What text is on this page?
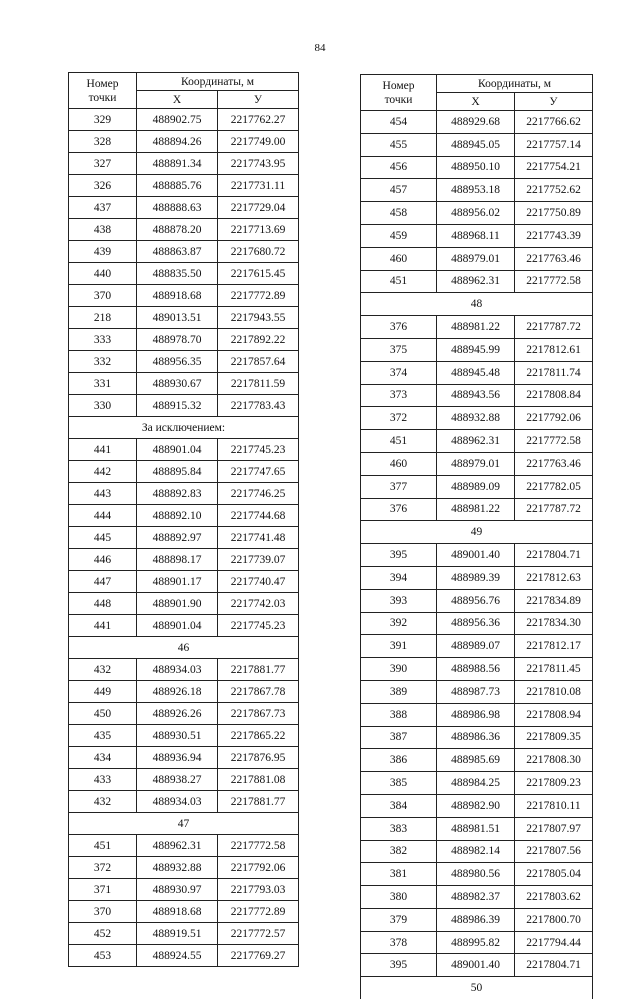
84
Номер
точки	Координаты, м	
	X	У
329	488902.75	2217762.27
328	488894.26	2217749.00
327	488891.34	2217743.95
326	488885.76	2217731.11
437	488888.63	2217729.04
438	488878.20	2217713.69
439	488863.87	2217680.72
440	488835.50	2217615.45
370	488918.68	2217772.89
218	489013.51	2217943.55
333	488978.70	2217892.22
332	488956.35	2217857.64
331	488930.67	2217811.59
330	488915.32	2217783.43
За исключением:		
441	488901.04	2217745.23
442	488895.84	2217747.65
443	488892.83	2217746.25
444	488892.10	2217744.68
445	488892.97	2217741.48
446	488898.17	2217739.07
447	488901.17	2217740.47
448	488901.90	2217742.03
441	488901.04	2217745.23
46		
432	488934.03	2217881.77
449	488926.18	2217867.78
450	488926.26	2217867.73
435	488930.51	2217865.22
434	488936.94	2217876.95
433	488938.27	2217881.08
432	488934.03	2217881.77
47		
451	488962.31	2217772.58
372	488932.88	2217792.06
371	488930.97	2217793.03
370	488918.68	2217772.89
452	488919.51	2217772.57
453	488924.55	2217769.27
Номер
точки	Координаты, м	
	X	У
454	488929.68	2217766.62
455	488945.05	2217757.14
456	488950.10	2217754.21
457	488953.18	2217752.62
458	488956.02	2217750.89
459	488968.11	2217743.39
460	488979.01	2217763.46
451	488962.31	2217772.58
48		
376	488981.22	2217787.72
375	488945.99	2217812.61
374	488945.48	2217811.74
373	488943.56	2217808.84
372	488932.88	2217792.06
451	488962.31	2217772.58
460	488979.01	2217763.46
377	488989.09	2217782.05
376	488981.22	2217787.72
49		
395	489001.40	2217804.71
394	488989.39	2217812.63
393	488956.76	2217834.89
392	488956.36	2217834.30
391	488989.07	2217812.17
390	488988.56	2217811.45
389	488987.73	2217810.08
388	488986.98	2217808.94
387	488986.36	2217809.35
386	488985.69	2217808.30
385	488984.25	2217809.23
384	488982.90	2217810.11
383	488981.51	2217807.97
382	488982.14	2217807.56
381	488980.56	2217805.04
380	488982.37	2217803.62
379	488986.39	2217800.70
378	488995.82	2217794.44
395	489001.40	2217804.71
50		
